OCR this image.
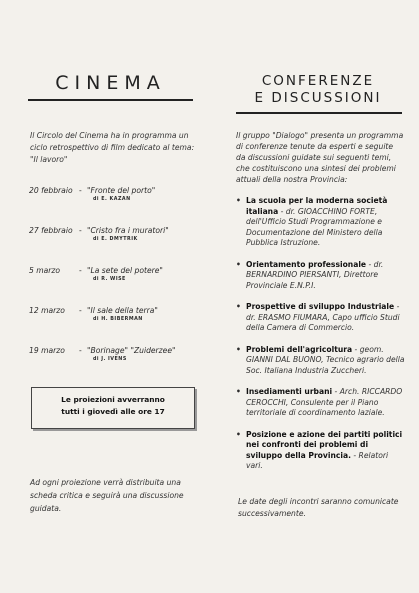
CINEMA	CONFERENZE
E DISCUSSIONI
Il Circolo del Cinema ha in programma un ciclo retrospettivo di film dedicato al tema: "Il lavoro"
20 febbraio - "Fronte del porto"
di E. KAZAN
27 febbraio - "Cristo fra i muratori"
di E. DMYTRIK
5 marzo - "La sete del potere"
di R. WISE
12 marzo - "Il sale della terra"
di H. BIBERMAN
19 marzo - "Borinage" "Zuiderzee"
di J. IVENS
Le proiezioni avverranno
tutti i giovedì alle ore 17
Ad ogni proiezione verrà distribuita una scheda critica e seguirà una discussione guidata.
Il gruppo "Dialogo" presenta un programma di conferenze tenute da esperti e seguite da discussioni guidate sui seguenti temi, che costituiscono una sintesi dei problemi attuali della nostra Provincia:
• La scuola per la moderna società italiana - dr. GIOACCHINO FORTE, dell'Ufficio Studi Programmazione e Documentazione del Ministero della Pubblica Istruzione.
• Orientamento professionale - dr. BERNARDINO PIERSANTI, Direttore Provinciale E.N.P.I.
• Prospettive di sviluppo Industriale - dr. ERASMO FIUMARA, Capo ufficio Studi della Camera di Commercio.
• Problemi dell'agricoltura - geom. GIANNI DAL BUONO, Tecnico agrario della Soc. Italiana Industria Zuccheri.
• Insediamenti urbani - Arch. RICCARDO CEROCCHI, Consulente per il Piano territoriale di coordinamento laziale.
• Posizione e azione dei partiti politici nei confronti dei problemi di sviluppo della Provincia. - Relatori vari.
Le date degli incontri saranno comunicate successivamente.
